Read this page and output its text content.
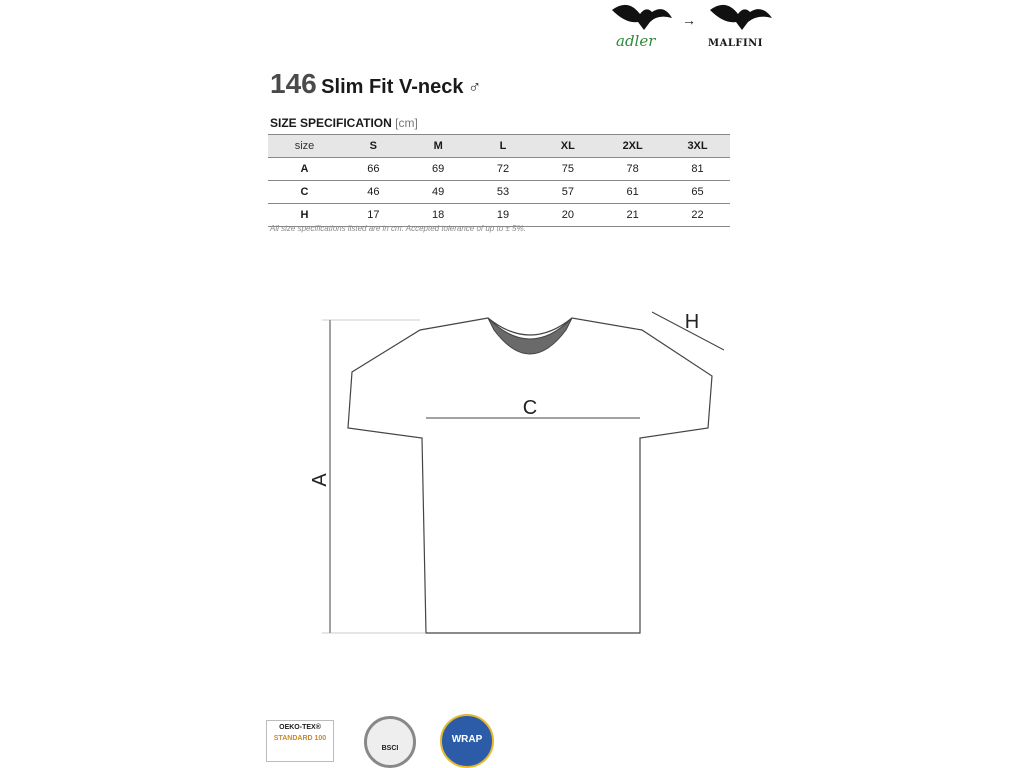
adler
→
MALFINI
146 Slim Fit V-neck ♂
SIZE SPECIFICATION [cm]
size	S	M	L	XL	2XL	3XL
A	66	69	72	75	78	81
C	46	49	53	57	61	65
H	17	18	19	20	21	22
All size specifications listed are in cm. Accepted tolerance of up to ± 5%.
A
C
H
OEKO-TEX®
STANDARD 100
BSCI
WRAP
